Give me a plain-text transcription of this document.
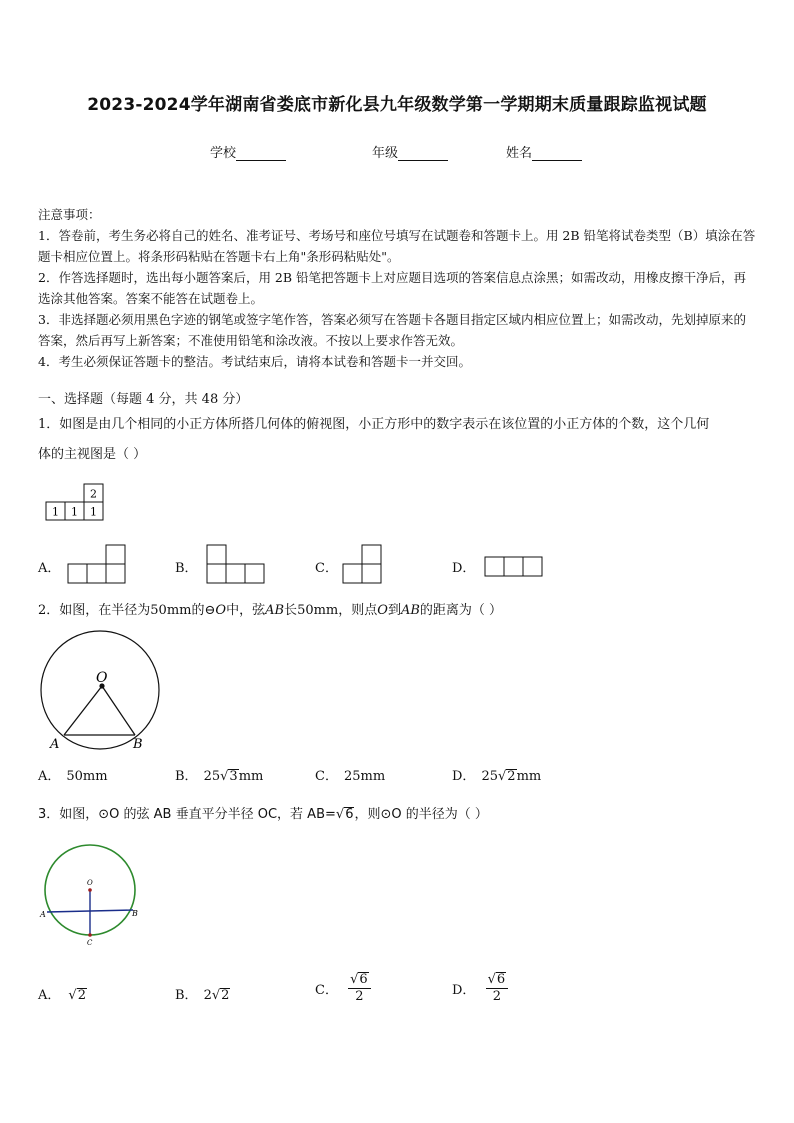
2023-2024学年湖南省娄底市新化县九年级数学第一学期期末质量跟踪监视试题
学校	年级	姓名

注意事项：

1．答卷前，考生务必将自己的姓名、准考证号、考场号和座位号填写在试题卷和答题卡上。用 2B 铅笔将试卷类型（B）填涂在答题卡相应位置上。将条形码粘贴在答题卡右上角"条形码粘贴处"。

2．作答选择题时，选出每小题答案后，用 2B 铅笔把答题卡上对应题目选项的答案信息点涂黑；如需改动，用橡皮擦干净后，再选涂其他答案。答案不能答在试题卷上。

3．非选择题必须用黑色字迹的钢笔或签字笔作答，答案必须写在答题卡各题目指定区域内相应位置上；如需改动，先划掉原来的答案，然后再写上新答案；不准使用铅笔和涂改液。不按以上要求作答无效。

4．考生必须保证答题卡的整洁。考试结束后，请将本试卷和答题卡一并交回。

一、选择题（每题 4 分，共 48 分）
1．如图是由几个相同的小正方体所搭几何体的俯视图，小正方形中的数字表示在该位置的小正方体的个数，这个几何
体的主视图是（ ）
2
1 1 1
A．	B．	C．	D．
2．如图，在半径为50mm的⊖O中，弦AB长50mm，则点O到AB的距离为（ ）
O
A	B
A． 50mm	B． 25√3mm	C． 25mm	D． 25√2mm
3．如图，⊙O 的弦 AB 垂直平分半径 OC，若 AB=√6，则⊙O 的半径为（ ）
O
A	B
C
A． √2	B． 2√2	C． $\frac{√6}{2}$	D． $\frac{√6}{2}$
